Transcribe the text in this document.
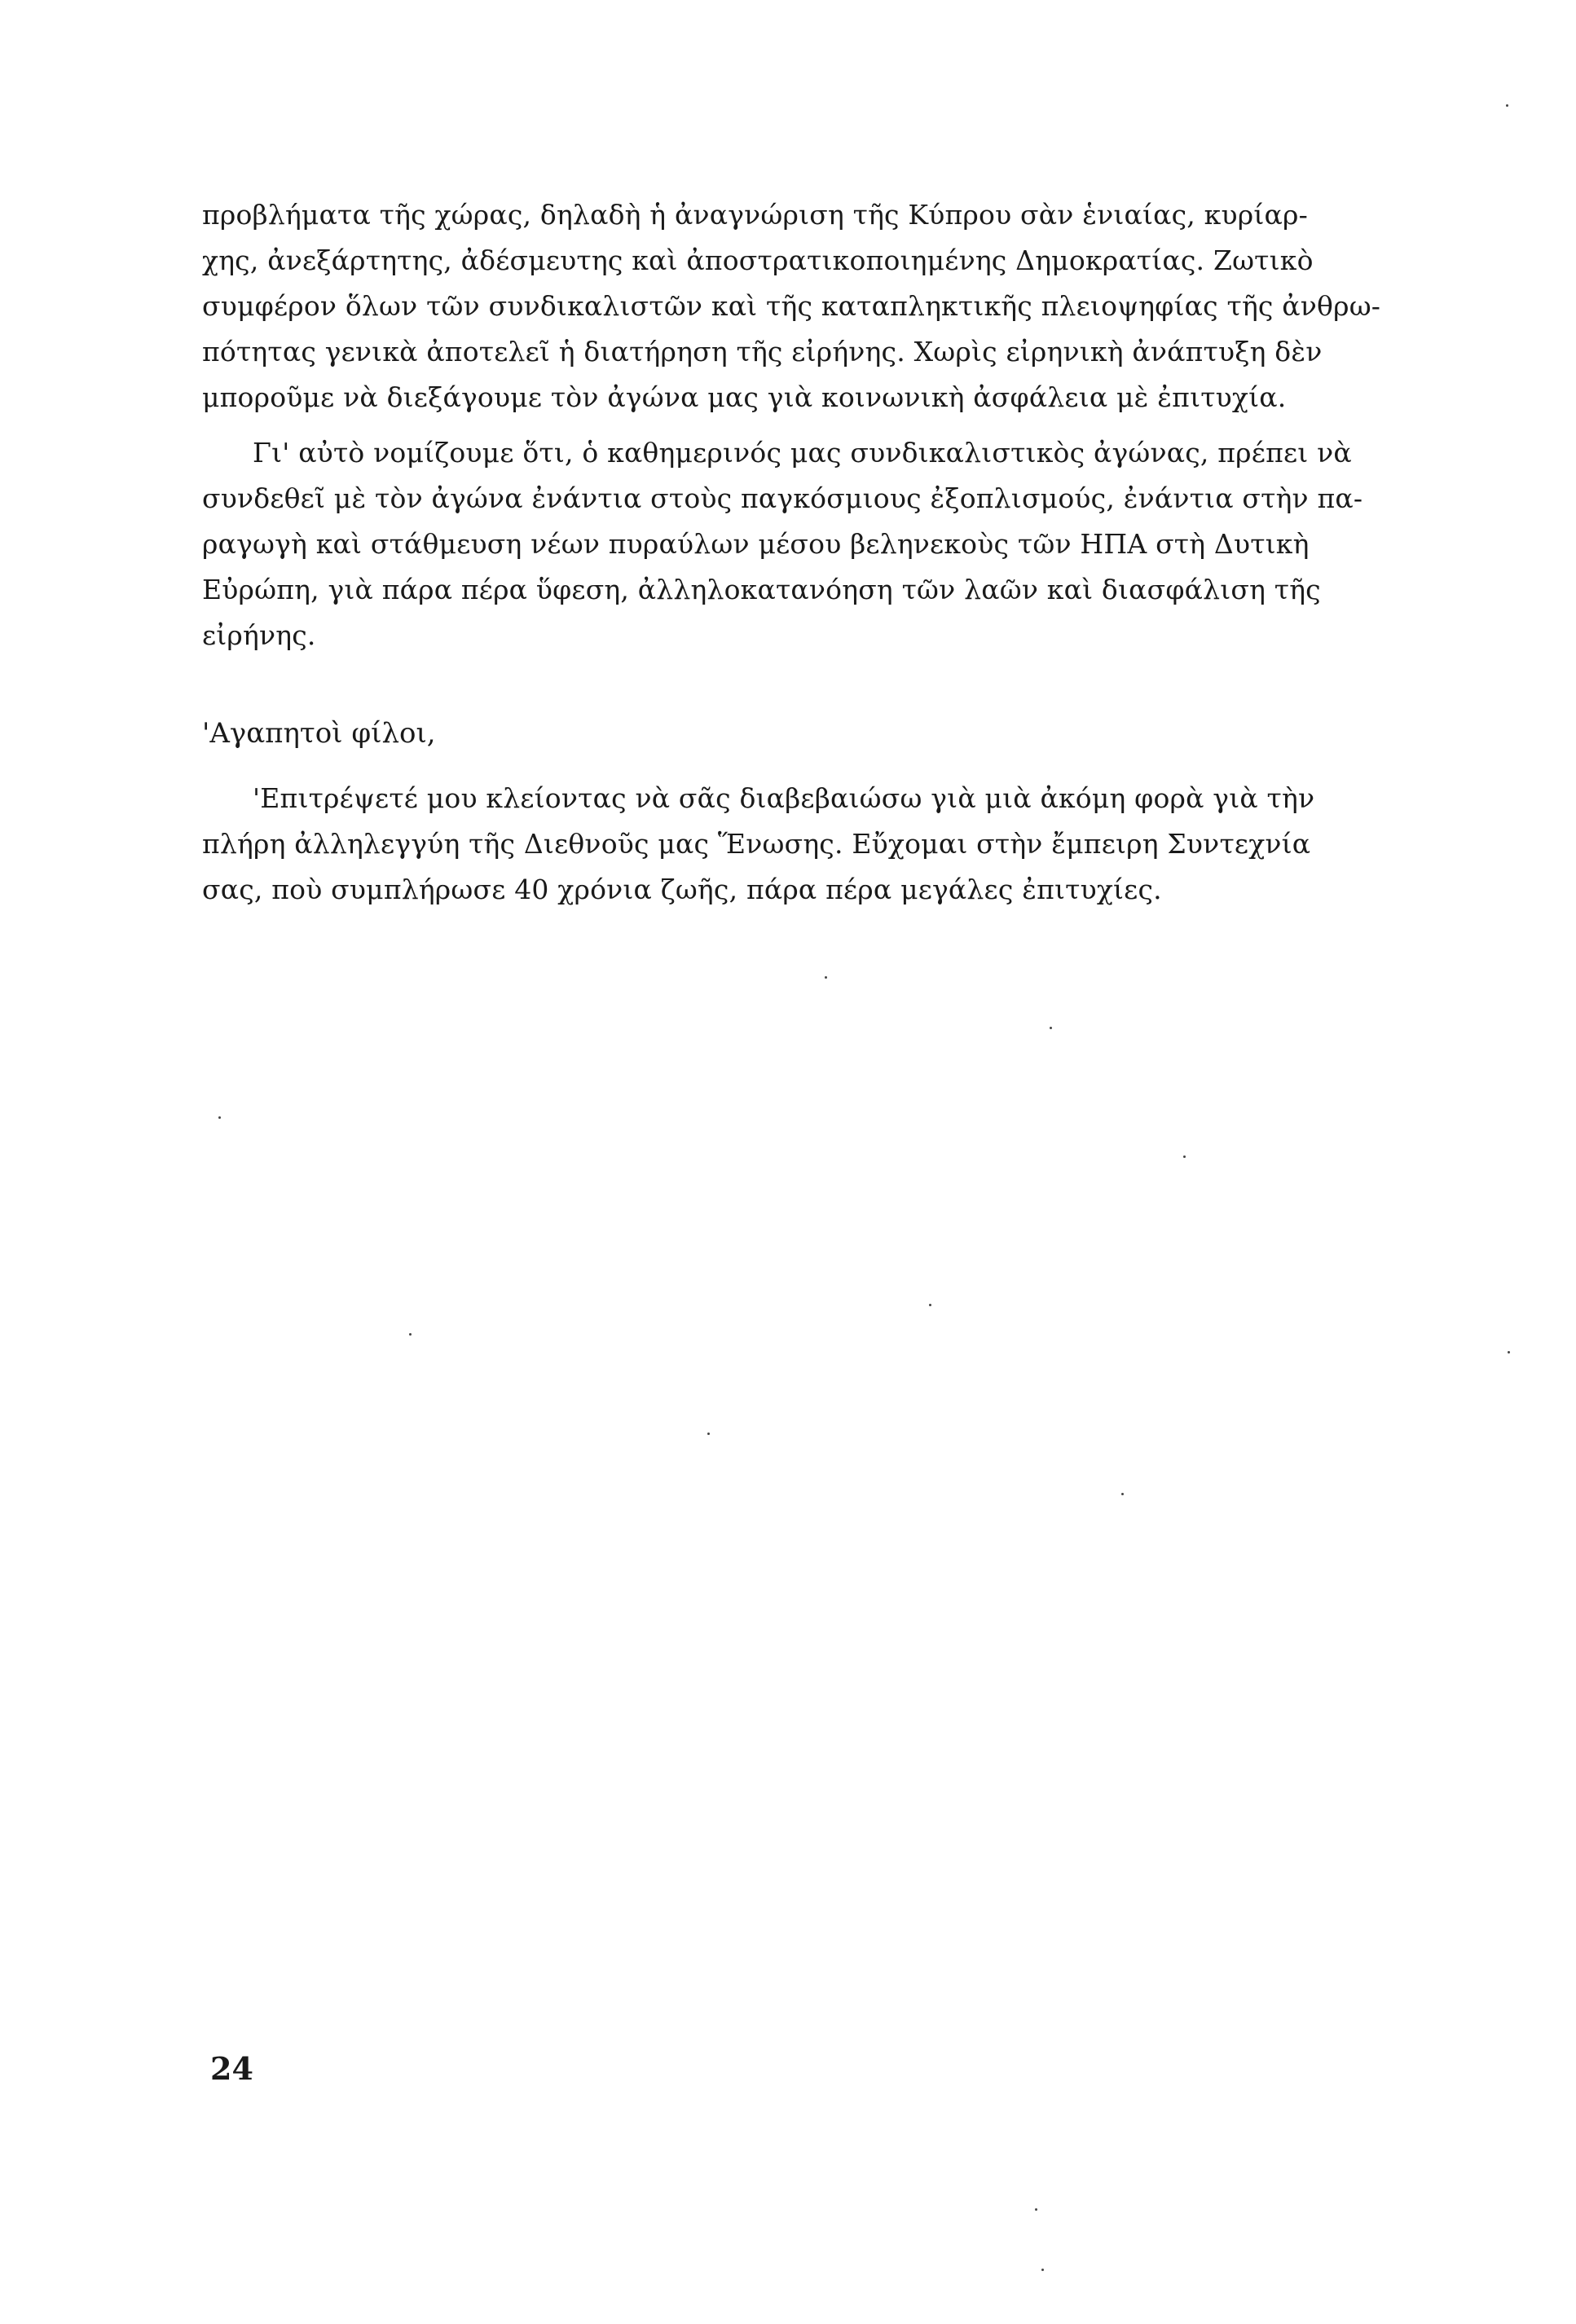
προβλήματα τῆς χώρας, δηλαδὴ ἡ ἀναγνώριση τῆς Κύπρου σὰν ἑνιαίας, κυρίαρ-
χης, ἀνεξάρτητης, ἀδέσμευτης καὶ ἀποστρατικοποιημένης Δημοκρατίας. Ζωτικὸ
συμφέρον ὅλων τῶν συνδικαλιστῶν καὶ τῆς καταπληκτικῆς πλειοψηφίας τῆς ἀνθρω-
πότητας γενικὰ ἀποτελεῖ ἡ διατήρηση τῆς εἰρήνης. Χωρὶς εἰρηνικὴ ἀνάπτυξη δὲν
μποροῦμε νὰ διεξάγουμε τὸν ἀγώνα μας γιὰ κοινωνικὴ ἀσφάλεια μὲ ἐπιτυχία.
Γι' αὐτὸ νομίζουμε ὅτι, ὁ καθημερινός μας συνδικαλιστικὸς ἀγώνας, πρέπει νὰ
συνδεθεῖ μὲ τὸν ἀγώνα ἐνάντια στοὺς παγκόσμιους ἐξοπλισμούς, ἐνάντια στὴν πα-
ραγωγὴ καὶ στάθμευση νέων πυραύλων μέσου βεληνεκοὺς τῶν ΗΠΑ στὴ Δυτικὴ
Εὐρώπη, γιὰ πάρα πέρα ὕφεση, ἀλληλοκατανόηση τῶν λαῶν καὶ διασφάλιση τῆς
εἰρήνης.
'Αγαπητοὶ φίλοι,
'Επιτρέψετέ μου κλείοντας νὰ σᾶς διαβεβαιώσω γιὰ μιὰ ἀκόμη φορὰ γιὰ τὴν
πλήρη ἀλληλεγγύη τῆς Διεθνοῦς μας Ἕνωσης. Εὔχομαι στὴν ἔμπειρη Συντεχνία
σας, ποὺ συμπλήρωσε 40 χρόνια ζωῆς, πάρα πέρα μεγάλες ἐπιτυχίες.
24
